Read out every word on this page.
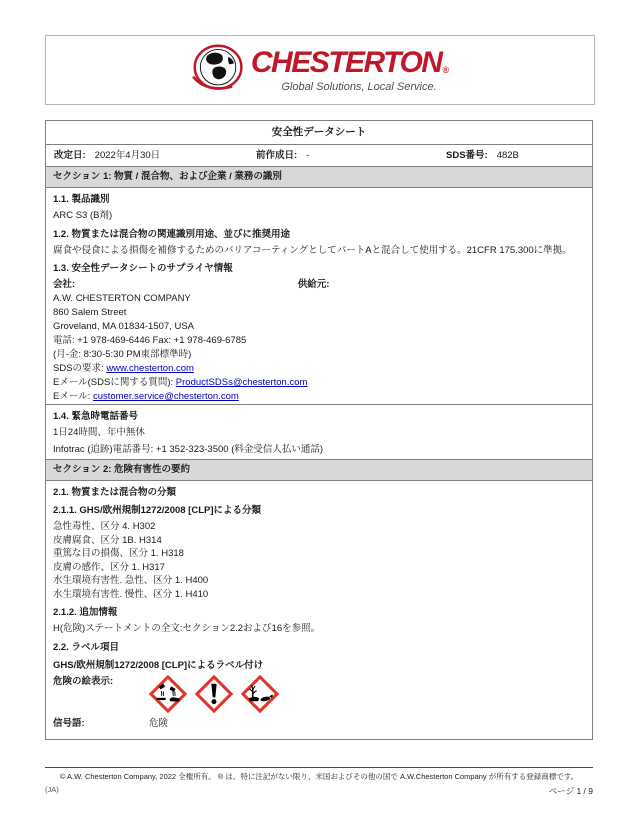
CHESTERTON ®
Global Solutions, Local Service.
安全性データシート
改定日: 2022年4月30日	前作成日: -	SDS番号: 482B
セクション 1: 物質 / 混合物、および企業 / 業務の識別
1.1. 製品識別
ARC S3 (B剤)
1.2. 物質または混合物の関連識別用途、並びに推奨用途
腐食や侵食による損傷を補修するためのバリアコーティングとしてパートAと混合して使用する。21CFR 175.300に準拠。
1.3. 安全性データシートのサプライヤ情報
会社:
A.W. CHESTERTON COMPANY
860 Salem Street
Groveland, MA 01834-1507, USA
電話: +1 978-469-6446 Fax: +1 978-469-6785
(月-金: 8:30-5:30 PM東部標準時)
SDSの要求: www.chesterton.com
Eメール(SDSに関する質問): ProductSDSs@chesterton.com
Eメール: customer.service@chesterton.com
供給元:
1.4. 緊急時電話番号
1日24時間、年中無休
Infotrac (追跡)電話番号: +1 352-323-3500 (料金受信人払い通話)
セクション 2: 危険有害性の要約
2.1. 物質または混合物の分類
2.1.1. GHS/欧州規制1272/2008 [CLP]による分類
急性毒性、区分 4. H302
皮膚腐食、区分 1B. H314
重篤な目の損傷、区分 1. H318
皮膚の感作、区分 1. H317
水生環境有害性. 急性、区分 1. H400
水生環境有害性. 慢性、区分 1. H410
2.1.2. 追加情報
H(危険)ステートメントの全文:セクション2.2および16を参照。
2.2. ラベル項目
GHS/欧州規制1272/2008 [CLP]によるラベル付け
危険の絵表示:
信号語:	危険
© A.W. Chesterton Company, 2022 全権所有。 ® は、特に注記がない限り、米国およびその他の国で A.W.Chesterton Company が所有する登録商標です。
(JA)	ページ 1 / 9
